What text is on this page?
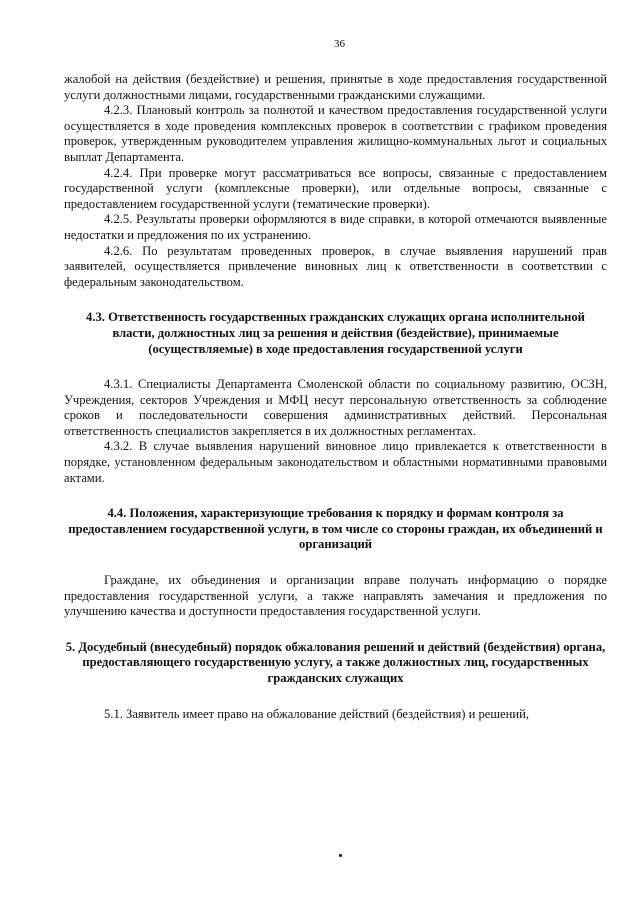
36

жалобой на действия (бездействие) и решения, принятые в ходе предоставления государственной услуги должностными лицами, государственными гражданскими служащими.

4.2.3. Плановый контроль за полнотой и качеством предоставления государственной услуги осуществляется в ходе проведения комплексных проверок в соответствии с графиком проведения проверок, утвержденным руководителем управления жилищно-коммунальных льгот и социальных выплат Департамента.

4.2.4. При проверке могут рассматриваться все вопросы, связанные с предоставлением государственной услуги (комплексные проверки), или отдельные вопросы, связанные с предоставлением государственной услуги (тематические проверки).

4.2.5. Результаты проверки оформляются в виде справки, в которой отмечаются выявленные недостатки и предложения по их устранению.

4.2.6. По результатам проведенных проверок, в случае выявления нарушений прав заявителей, осуществляется привлечение виновных лиц к ответственности в соответствии с федеральным законодательством.

4.3. Ответственность государственных гражданских служащих органа исполнительной власти, должностных лиц за решения и действия (бездействие), принимаемые (осуществляемые) в ходе предоставления государственной услуги

4.3.1. Специалисты Департамента Смоленской области по социальному развитию, ОСЗН, Учреждения, секторов Учреждения и МФЦ несут персональную ответственность за соблюдение сроков и последовательности совершения административных действий. Персональная ответственность специалистов закрепляется в их должностных регламентах.

4.3.2. В случае выявления нарушений виновное лицо привлекается к ответственности в порядке, установленном федеральным законодательством и областными нормативными правовыми актами.

4.4. Положения, характеризующие требования к порядку и формам контроля за предоставлением государственной услуги, в том числе со стороны граждан, их объединений и организаций

Граждане, их объединения и организации вправе получать информацию о порядке предоставления государственной услуги, а также направлять замечания и предложения по улучшению качества и доступности предоставления государственной услуги.

5. Досудебный (внесудебный) порядок обжалования решений и действий (бездействия) органа, предоставляющего государственную услугу, а также должностных лиц, государственных гражданских служащих

5.1. Заявитель имеет право на обжалование действий (бездействия) и решений,
